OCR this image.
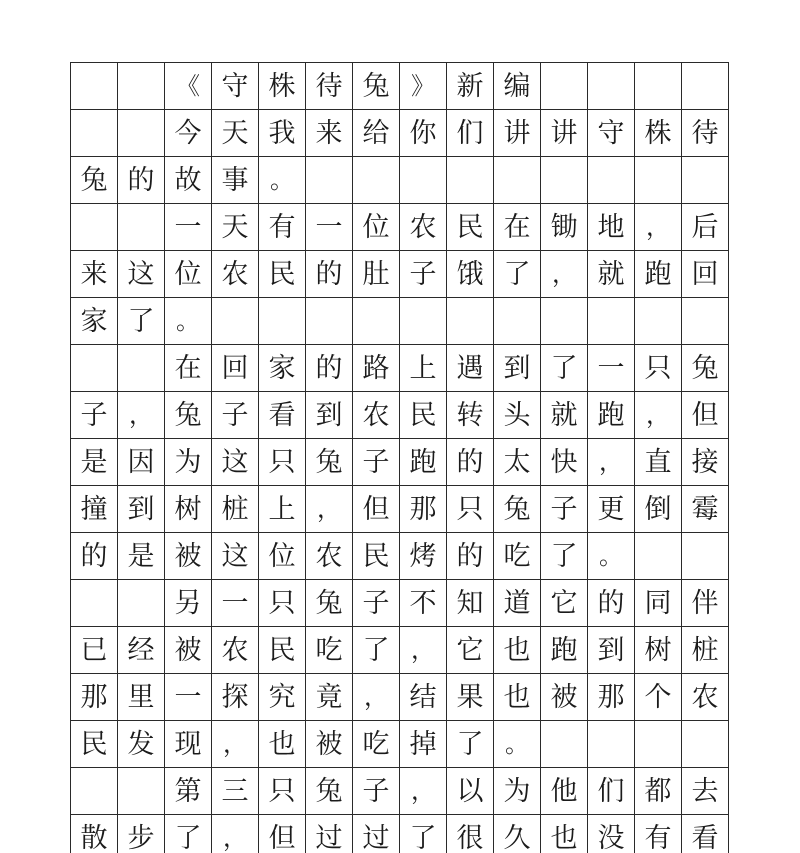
《 守 株 待 兔 》 新 编
今 天 我 来 给 你 们 讲 讲 守 株 待
兔 的 故 事 。
一 天 有 一 位 农 民 在 锄 地 ， 后
来 这 位 农 民 的 肚 子 饿 了 ， 就 跑 回
家 了 。
在 回 家 的 路 上 遇 到 了 一 只 兔
子 ， 兔 子 看 到 农 民 转 头 就 跑 ， 但
是 因 为 这 只 兔 子 跑 的 太 快 ， 直 接
撞 到 树 桩 上 ， 但 那 只 兔 子 更 倒 霉
的 是 被 这 位 农 民 烤 的 吃 了 。
另 一 只 兔 子 不 知 道 它 的 同 伴
已 经 被 农 民 吃 了 ， 它 也 跑 到 树 桩
那 里 一 探 究 竟 ， 结 果 也 被 那 个 农
民 发 现 ， 也 被 吃 掉 了 。
第 三 只 兔 子 ， 以 为 他 们 都 去
散 步 了 ， 但 过 过 了 很 久 也 没 有 看
